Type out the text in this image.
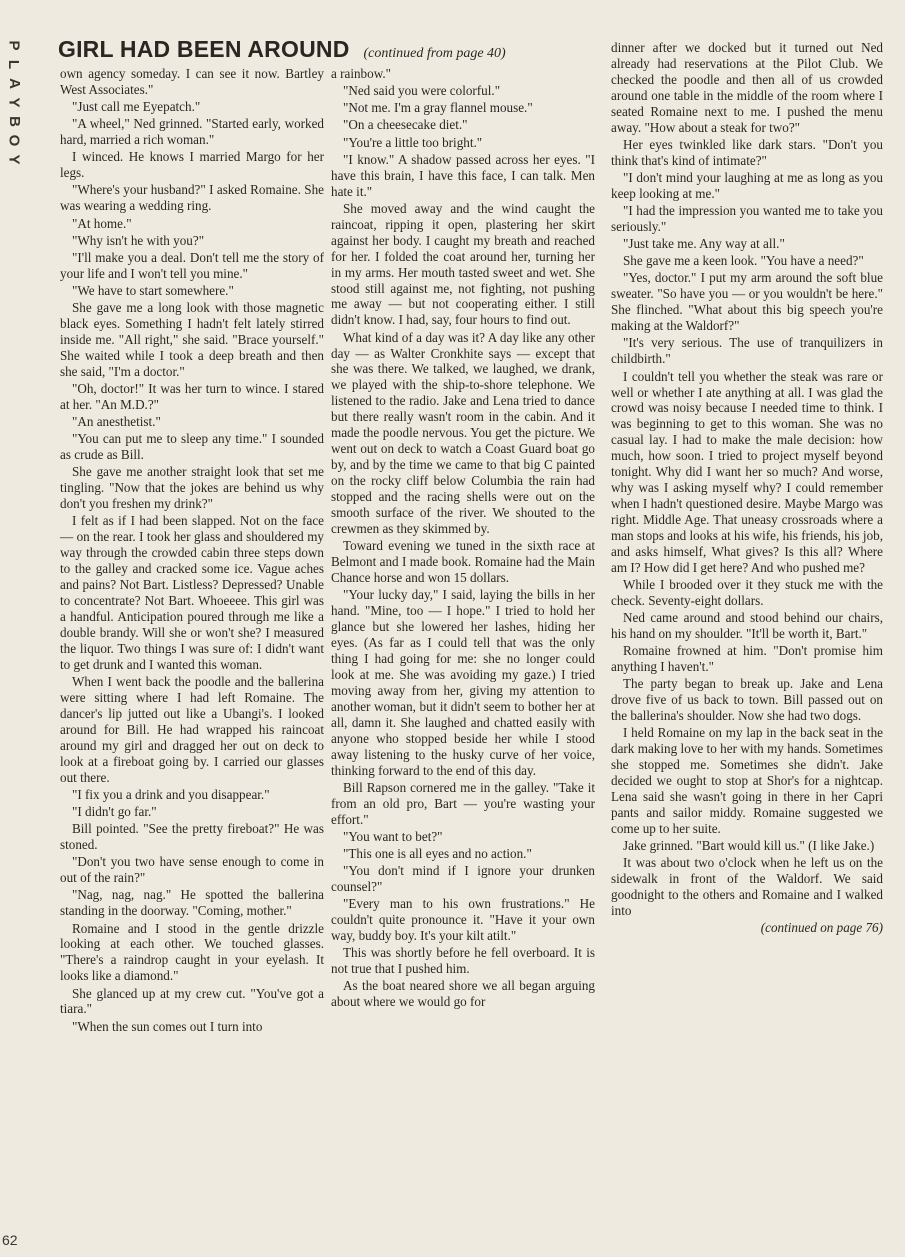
P
L
A
Y
B
O
Y
GIRL HAD BEEN AROUND (continued from page 40)

own agency someday. I can see it now. Bartley West Associates."

"Just call me Eyepatch."

"A wheel," Ned grinned. "Started early, worked hard, married a rich woman."

I winced. He knows I married Margo for her legs.

"Where's your husband?" I asked Romaine. She was wearing a wedding ring.

"At home."

"Why isn't he with you?"

"I'll make you a deal. Don't tell me the story of your life and I won't tell you mine."

"We have to start somewhere."

She gave me a long look with those magnetic black eyes. Something I hadn't felt lately stirred inside me. "All right," she said. "Brace yourself." She waited while I took a deep breath and then she said, "I'm a doctor."

"Oh, doctor!" It was her turn to wince. I stared at her. "An M.D.?"

"An anesthetist."

"You can put me to sleep any time." I sounded as crude as Bill.

She gave me another straight look that set me tingling. "Now that the jokes are behind us why don't you freshen my drink?"

I felt as if I had been slapped. Not on the face — on the rear. I took her glass and shouldered my way through the crowded cabin three steps down to the galley and cracked some ice. Vague aches and pains? Not Bart. Listless? Depressed? Unable to concentrate? Not Bart. Whoeeee. This girl was a handful. Anticipation poured through me like a double brandy. Will she or won't she? I measured the liquor. Two things I was sure of: I didn't want to get drunk and I wanted this woman.

When I went back the poodle and the ballerina were sitting where I had left Romaine. The dancer's lip jutted out like a Ubangi's. I looked around for Bill. He had wrapped his raincoat around my girl and dragged her out on deck to look at a fireboat going by. I carried our glasses out there.

"I fix you a drink and you disappear."

"I didn't go far."

Bill pointed. "See the pretty fireboat?" He was stoned.

"Don't you two have sense enough to come in out of the rain?"

"Nag, nag, nag." He spotted the ballerina standing in the doorway. "Coming, mother."

Romaine and I stood in the gentle drizzle looking at each other. We touched glasses. "There's a raindrop caught in your eyelash. It looks like a diamond."

She glanced up at my crew cut. "You've got a tiara."

"When the sun comes out I turn into

a rainbow."

"Ned said you were colorful."

"Not me. I'm a gray flannel mouse."

"On a cheesecake diet."

"You're a little too bright."

"I know." A shadow passed across her eyes. "I have this brain, I have this face, I can talk. Men hate it."

She moved away and the wind caught the raincoat, ripping it open, plastering her skirt against her body. I caught my breath and reached for her. I folded the coat around her, turning her in my arms. Her mouth tasted sweet and wet. She stood still against me, not fighting, not pushing me away — but not cooperating either. I still didn't know. I had, say, four hours to find out.

What kind of a day was it? A day like any other day — as Walter Cronkhite says — except that she was there. We talked, we laughed, we drank, we played with the ship-to-shore telephone. We listened to the radio. Jake and Lena tried to dance but there really wasn't room in the cabin. And it made the poodle nervous. You get the picture. We went out on deck to watch a Coast Guard boat go by, and by the time we came to that big C painted on the rocky cliff below Columbia the rain had stopped and the racing shells were out on the smooth surface of the river. We shouted to the crewmen as they skimmed by.

Toward evening we tuned in the sixth race at Belmont and I made book. Romaine had the Main Chance horse and won 15 dollars.

"Your lucky day," I said, laying the bills in her hand. "Mine, too — I hope." I tried to hold her glance but she lowered her lashes, hiding her eyes. (As far as I could tell that was the only thing I had going for me: she no longer could look at me. She was avoiding my gaze.) I tried moving away from her, giving my attention to another woman, but it didn't seem to bother her at all, damn it. She laughed and chatted easily with anyone who stopped beside her while I stood away listening to the husky curve of her voice, thinking forward to the end of this day.

Bill Rapson cornered me in the galley. "Take it from an old pro, Bart — you're wasting your effort."

"You want to bet?"

"This one is all eyes and no action."

"You don't mind if I ignore your drunken counsel?"

"Every man to his own frustrations." He couldn't quite pronounce it. "Have it your own way, buddy boy. It's your kilt atilt."

This was shortly before he fell overboard. It is not true that I pushed him.

As the boat neared shore we all began arguing about where we would go for

dinner after we docked but it turned out Ned already had reservations at the Pilot Club. We checked the poodle and then all of us crowded around one table in the middle of the room where I seated Romaine next to me. I pushed the menu away. "How about a steak for two?"

Her eyes twinkled like dark stars. "Don't you think that's kind of intimate?"

"I don't mind your laughing at me as long as you keep looking at me."

"I had the impression you wanted me to take you seriously."

"Just take me. Any way at all."

She gave me a keen look. "You have a need?"

"Yes, doctor." I put my arm around the soft blue sweater. "So have you — or you wouldn't be here." She flinched. "What about this big speech you're making at the Waldorf?"

"It's very serious. The use of tranquilizers in childbirth."

I couldn't tell you whether the steak was rare or well or whether I ate anything at all. I was glad the crowd was noisy because I needed time to think. I was beginning to get to this woman. She was no casual lay. I had to make the male decision: how much, how soon. I tried to project myself beyond tonight. Why did I want her so much? And worse, why was I asking myself why? I could remember when I hadn't questioned desire. Maybe Margo was right. Middle Age. That uneasy crossroads where a man stops and looks at his wife, his friends, his job, and asks himself, What gives? Is this all? Where am I? How did I get here? And who pushed me?

While I brooded over it they stuck me with the check. Seventy-eight dollars.

Ned came around and stood behind our chairs, his hand on my shoulder. "It'll be worth it, Bart."

Romaine frowned at him. "Don't promise him anything I haven't."

The party began to break up. Jake and Lena drove five of us back to town. Bill passed out on the ballerina's shoulder. Now she had two dogs.

I held Romaine on my lap in the back seat in the dark making love to her with my hands. Sometimes she stopped me. Sometimes she didn't. Jake decided we ought to stop at Shor's for a nightcap. Lena said she wasn't going in there in her Capri pants and sailor middy. Romaine suggested we come up to her suite.

Jake grinned. "Bart would kill us." (I like Jake.)

It was about two o'clock when he left us on the sidewalk in front of the Waldorf. We said goodnight to the others and Romaine and I walked into

(continued on page 76)

62
